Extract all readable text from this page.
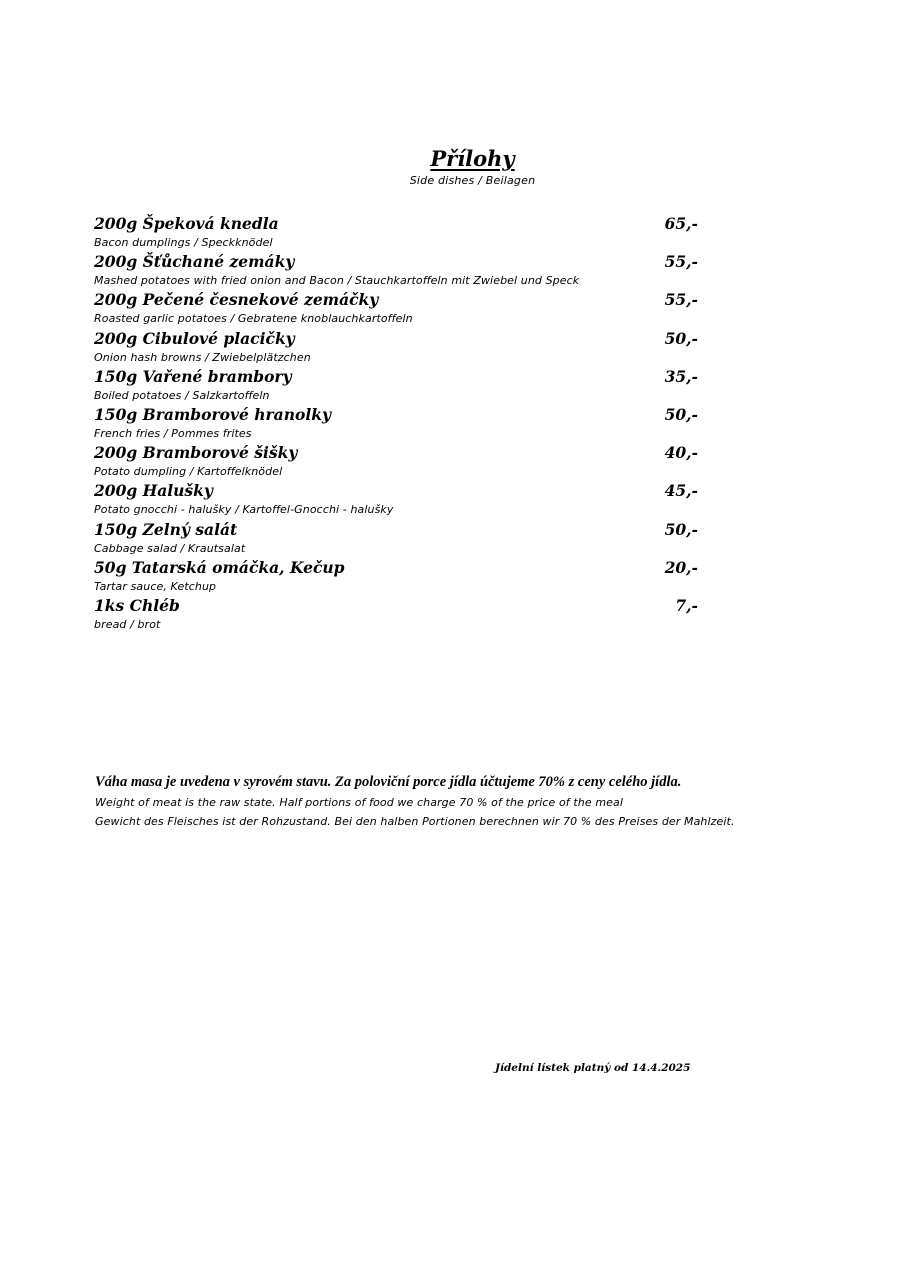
Přílohy
Side dishes / Beilagen
200g Špeková knedla	65,-
Bacon dumplings / Speckknödel
200g Šťůchané zemáky	55,-
Mashed potatoes with fried onion and Bacon / Stauchkartoffeln mit Zwiebel und Speck
200g Pečené česnekové zemáčky	55,-
Roasted garlic potatoes / Gebratene knoblauchkartoffeln
200g Cibulové placičky	50,-
Onion hash browns / Zwiebelplätzchen
150g Vařené brambory	35,-
Boiled potatoes / Salzkartoffeln
150g Bramborové hranolky	50,-
French fries / Pommes frites
200g Bramborové šišky	40,-
Potato dumpling / Kartoffelknödel
200g Halušky	45,-
Potato gnocchi - halušky / Kartoffel-Gnocchi - halušky
150g Zelný salát	50,-
Cabbage salad / Krautsalat
50g Tatarská omáčka, Kečup	20,-
Tartar sauce, Ketchup
1ks Chléb	7,-
bread / brot
Váha masa je uvedena v syrovém stavu. Za poloviční porce jídla účtujeme 70% z ceny celého jídla.
Weight of meat is the raw state. Half portions of food we charge 70 % of the price of the meal
Gewicht des Fleisches ist der Rohzustand. Bei den halben Portionen berechnen wir 70 % des Preises der Mahlzeit.
Jídelní lístek platný od 14.4.2025
